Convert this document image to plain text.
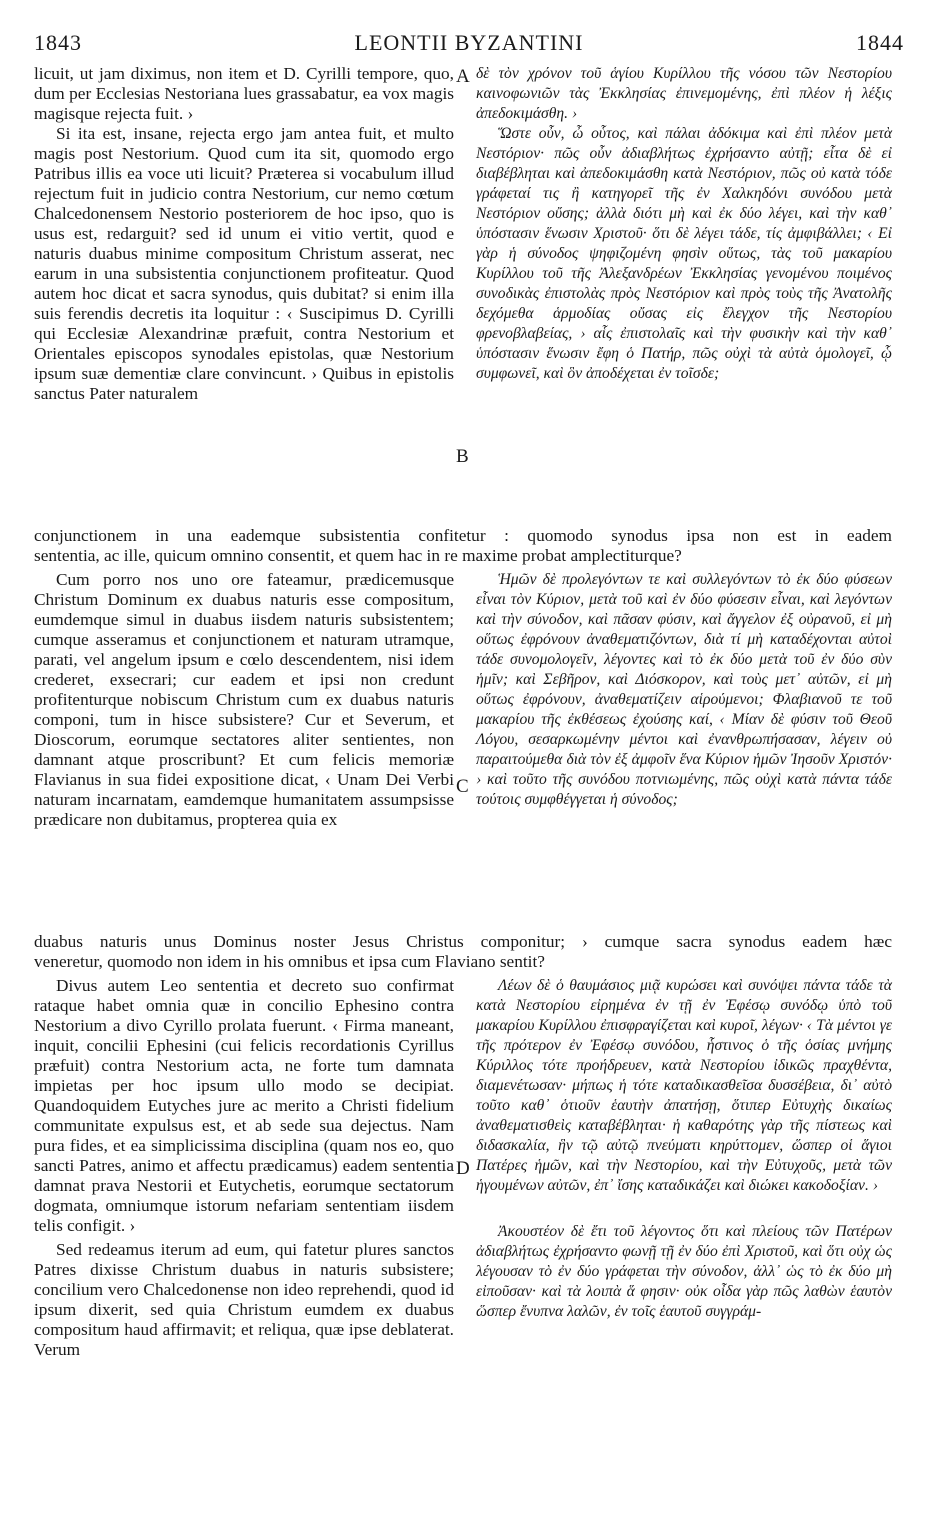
1843	LEONTII BYZANTINI	1844
A
B
C
D

licuit, ut jam diximus, non item et D. Cyrilli tempore, quo, dum per Ecclesias Nestoriana lues grassabatur, ea vox magis magisque rejecta fuit. ›

Si ita est, insane, rejecta ergo jam antea fuit, et multo magis post Nestorium. Quod cum ita sit, quomodo ergo Patribus illis ea voce uti licuit? Præterea si vocabulum illud rejectum fuit in judicio contra Nestorium, cur nemo cœtum Chalcedonensem Nestorio posteriorem de hoc ipso, quo is usus est, redarguit? sed id unum ei vitio vertit, quod e naturis duabus minime compositum Christum asserat, nec earum in una subsistentia conjunctionem profiteatur. Quod autem hoc dicat et sacra synodus, quis dubitat? si enim illa suis ferendis decretis ita loquitur : ‹ Suscipimus D. Cyrilli qui Ecclesiæ Alexandrinæ præfuit, contra Nestorium et Orientales episcopos synodales epistolas, quæ Nestorium ipsum suæ dementiæ clare convincunt. › Quibus in epistolis sanctus Pater naturalem

δὲ τὸν χρόνον τοῦ ἁγίου Κυρίλλου τῆς νόσου τῶν Νεστορίου καινοφωνιῶν τὰς Ἐκκλησίας ἐπινεμομένης, ἐπὶ πλέον ἡ λέξις ἀπεδοκιμάσθη. ›

Ὥστε οὖν, ὦ οὗτος, καὶ πάλαι ἀδόκιμα καὶ ἐπὶ πλέον μετὰ Νεστόριον· πῶς οὖν ἀδιαβλήτως ἐχρήσαντο αὐτῇ; εἶτα δὲ εἰ διαβέβληται καὶ ἀπεδοκιμάσθη κατὰ Νεστόριον, πῶς οὐ κατὰ τόδε γράφεταί τις ἢ κατηγορεῖ τῆς ἐν Χαλκηδόνι συνόδου μετὰ Νεστόριον οὔσης; ἀλλὰ διότι μὴ καὶ ἐκ δύο λέγει, καὶ τὴν καθ᾽ ὑπόστασιν ἕνωσιν Χριστοῦ· ὅτι δὲ λέγει τάδε, τίς ἀμφιβάλλει; ‹ Εἰ γὰρ ἡ σύνοδος ψηφιζομένη φησὶν οὕτως, τὰς τοῦ μακαρίου Κυρίλλου τοῦ τῆς Ἀλεξανδρέων Ἐκκλησίας γενομένου ποιμένος συνοδικὰς ἐπιστολὰς πρὸς Νεστόριον καὶ πρὸς τοὺς τῆς Ἀνατολῆς δεχόμεθα ἁρμοδίας οὔσας εἰς ἔλεγχον τῆς Νεστορίου φρενοβλαβείας, › αἷς ἐπιστολαῖς καὶ τὴν φυσικὴν καὶ τὴν καθ᾽ ὑπόστασιν ἕνωσιν ἔφη ὁ Πατήρ, πῶς οὐχὶ τὰ αὐτὰ ὁμολογεῖ, ᾧ συμφωνεῖ, καὶ ὃν ἀποδέχεται ἐν τοῖσδε;

conjunctionem in una eademque subsistentia confitetur : quomodo synodus ipsa non est in eadem
sententia, ac ille, quicum omnino consentit, et quem hac in re maxime probat amplectiturque?

Cum porro nos uno ore fateamur, prædicemusque Christum Dominum ex duabus naturis esse compositum, eumdemque simul in duabus iisdem naturis subsistentem; cumque asseramus et conjunctionem et naturam utramque, parati, vel angelum ipsum e cœlo descendentem, nisi idem crederet, exsecrari; cur eadem et ipsi non credunt profitenturque nobiscum Christum cum ex duabus naturis componi, tum in hisce subsistere? Cur et Severum, et Dioscorum, eorumque sectatores aliter sentientes, non damnant atque proscribunt? Et cum felicis memoriæ Flavianus in sua fidei expositione dicat, ‹ Unam Dei Verbi naturam incarnatam, eamdemque humanitatem assumpsisse prædicare non dubitamus, propterea quia ex

Ἡμῶν δὲ προλεγόντων τε καὶ συλλεγόντων τὸ ἐκ δύο φύσεων εἶναι τὸν Κύριον, μετὰ τοῦ καὶ ἐν δύο φύσεσιν εἶναι, καὶ λεγόντων καὶ τὴν σύνοδον, καὶ πᾶσαν φύσιν, καὶ ἄγγελον ἐξ οὐρανοῦ, εἰ μὴ οὕτως ἐφρόνουν ἀναθεματιζόντων, διὰ τί μὴ καταδέχονται αὐτοὶ τάδε συνομολογεῖν, λέγοντες καὶ τὸ ἐκ δύο μετὰ τοῦ ἐν δύο σὺν ἡμῖν; καὶ Σεβῆρον, καὶ Διόσκορον, καὶ τοὺς μετ᾽ αὐτῶν, εἰ μὴ οὕτως ἐφρόνουν, ἀναθεματίζειν αἱρούμενοι; Φλαβιανοῦ τε τοῦ μακαρίου τῆς ἐκθέσεως ἐχούσης καί, ‹ Μίαν δὲ φύσιν τοῦ Θεοῦ Λόγου, σεσαρκωμένην μέντοι καὶ ἐνανθρωπήσασαν, λέγειν οὐ παραιτούμεθα διὰ τὸν ἐξ ἀμφοῖν ἕνα Κύριον ἡμῶν Ἰησοῦν Χριστόν· › καὶ τοῦτο τῆς συνόδου ποτνιωμένης, πῶς οὐχὶ κατὰ πάντα τάδε τούτοις συμφθέγγεται ἡ σύνοδος;

duabus naturis unus Dominus noster Jesus Christus componitur; › cumque sacra synodus eadem hæc
veneretur, quomodo non idem in his omnibus et ipsa cum Flaviano sentit?

Divus autem Leo sententia et decreto suo confirmat rataque habet omnia quæ in concilio Ephesino contra Nestorium a divo Cyrillo prolata fuerunt. ‹ Firma maneant, inquit, concilii Ephesini (cui felicis recordationis Cyrillus præfuit) contra Nestorium acta, ne forte tum damnata impietas per hoc ipsum ullo modo se decipiat. Quandoquidem Eutyches jure ac merito a Christi fidelium communitate expulsus est, et ab sede sua dejectus. Nam pura fides, et ea simplicissima disciplina (quam nos eo, quo sancti Patres, animo et affectu prædicamus) eadem sententia damnat prava Nestorii et Eutychetis, eorumque sectatorum dogmata, omniumque istorum nefariam sententiam iisdem telis configit. ›

Sed redeamus iterum ad eum, qui fatetur plures sanctos Patres dixisse Christum duabus in naturis subsistere; concilium vero Chalcedonense non ideo reprehendi, quod id ipsum dixerit, sed quia Christum eumdem ex duabus compositum haud affirmavit; et reliqua, quæ ipse deblaterat. Verum

Λέων δὲ ὁ θαυμάσιος μιᾷ κυρώσει καὶ συνόψει πάντα τάδε τὰ κατὰ Νεστορίου εἰρημένα ἐν τῇ ἐν Ἐφέσῳ συνόδῳ ὑπὸ τοῦ μακαρίου Κυρίλλου ἐπισφραγίζεται καὶ κυροῖ, λέγων· ‹ Τὰ μέντοι γε τῆς πρότερον ἐν Ἐφέσῳ συνόδου, ἧστινος ὁ τῆς ὁσίας μνήμης Κύριλλος τότε προήδρευεν, κατὰ Νεστορίου ἰδικῶς πραχθέντα, διαμενέτωσαν· μήπως ἡ τότε καταδικασθεῖσα δυσσέβεια, δι᾽ αὐτὸ τοῦτο καθ᾽ ὁτιοῦν ἑαυτὴν ἀπατήσῃ, ὅτιπερ Εὐτυχὴς δικαίως ἀναθεματισθεὶς καταβέβληται· ἡ καθαρότης γὰρ τῆς πίστεως καὶ διδασκαλία, ἣν τῷ αὐτῷ πνεύματι κηρύττομεν, ὥσπερ οἱ ἅγιοι Πατέρες ἡμῶν, καὶ τὴν Νεστορίου, καὶ τὴν Εὐτυχοῦς, μετὰ τῶν ἡγουμένων αὐτῶν, ἐπ᾽ ἴσης καταδικάζει καὶ διώκει κακοδοξίαν. ›

Ἀκουστέον δὲ ἔτι τοῦ λέγοντος ὅτι καὶ πλείους τῶν Πατέρων ἀδιαβλήτως ἐχρήσαντο φωνῇ τῇ ἐν δύο ἐπὶ Χριστοῦ, καὶ ὅτι οὐχ ὡς λέγουσαν τὸ ἐν δύο γράφεται τὴν σύνοδον, ἀλλ᾽ ὡς τὸ ἐκ δύο μὴ εἰποῦσαν· καὶ τὰ λοιπὰ ἅ φησιν· οὐκ οἶδα γὰρ πῶς λαθὼν ἑαυτὸν ὥσπερ ἔνυπνα λαλῶν, ἐν τοῖς ἑαυτοῦ συγγράμ-
